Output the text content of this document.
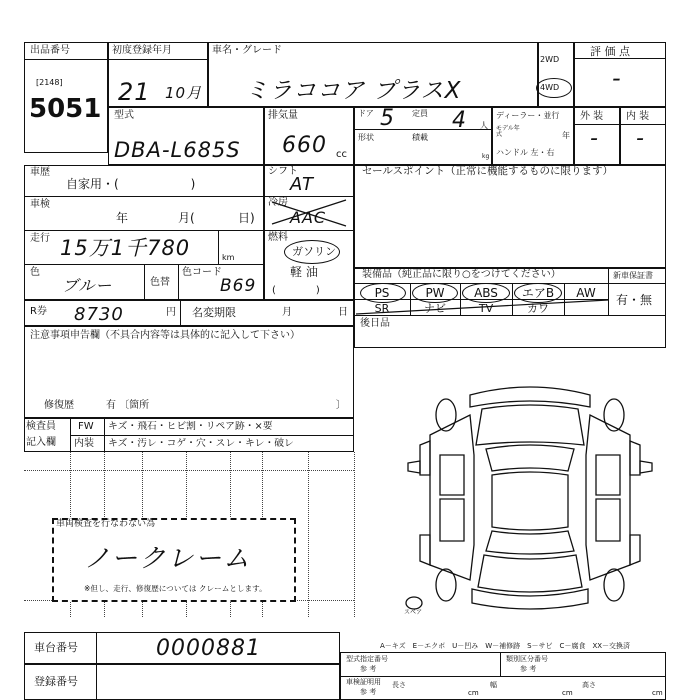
出品番号
[2148]
5051
初度登録年月
21 10月
車名・グレード
ミラココア プラスX
2WD
4WD
評 価 点
-
型式
DBA-L685S
排気量
660 cc
ドア 5 定員 4 人
形状	積載
kg
ディーラー・並行
モデル年式	年
ハンドル 左・右
外 装 内 装
- -
車歴
自家用・(　　　　　　)
車検
年	月(	日)
走行 15万1千780	km
色
ブルー	色替
色コード
B69
R券 8730	円 名変期限	月	日
シフト
AT
冷房
AAC
燃料
ガソリン
軽 油
(　　　　)
セールスポイント（正常に機能するものに限ります）
装備品（純正品に限り○をつけてください）
PS	PW	ABS	エアB	AW
SR	ナビ	TV	カワ
新車保証書
有・無
後日品
注意事項申告欄（不具合内容等は具体的に記入して下さい）
修復歴	有 〔箇所	〕
検査員
記入欄
FW キズ・飛石・ヒビ割・リペア跡・×要
内装 キズ・汚レ・コゲ・穴・スレ・キレ・破レ
車両検査を行なわない為
ノークレーム
※但し、走行、修復歴については クレームとします。
車台番号	0000881
登録番号
A－キズ　E－エクボ　U－凹み　W－補修跡　S－サビ　C－腐食　XX－交換済
型式指定番号
参 考
類別区分番号
参 考
車検証明用
参 考
長さ
cm
幅
cm
高さ
cm
スペア
